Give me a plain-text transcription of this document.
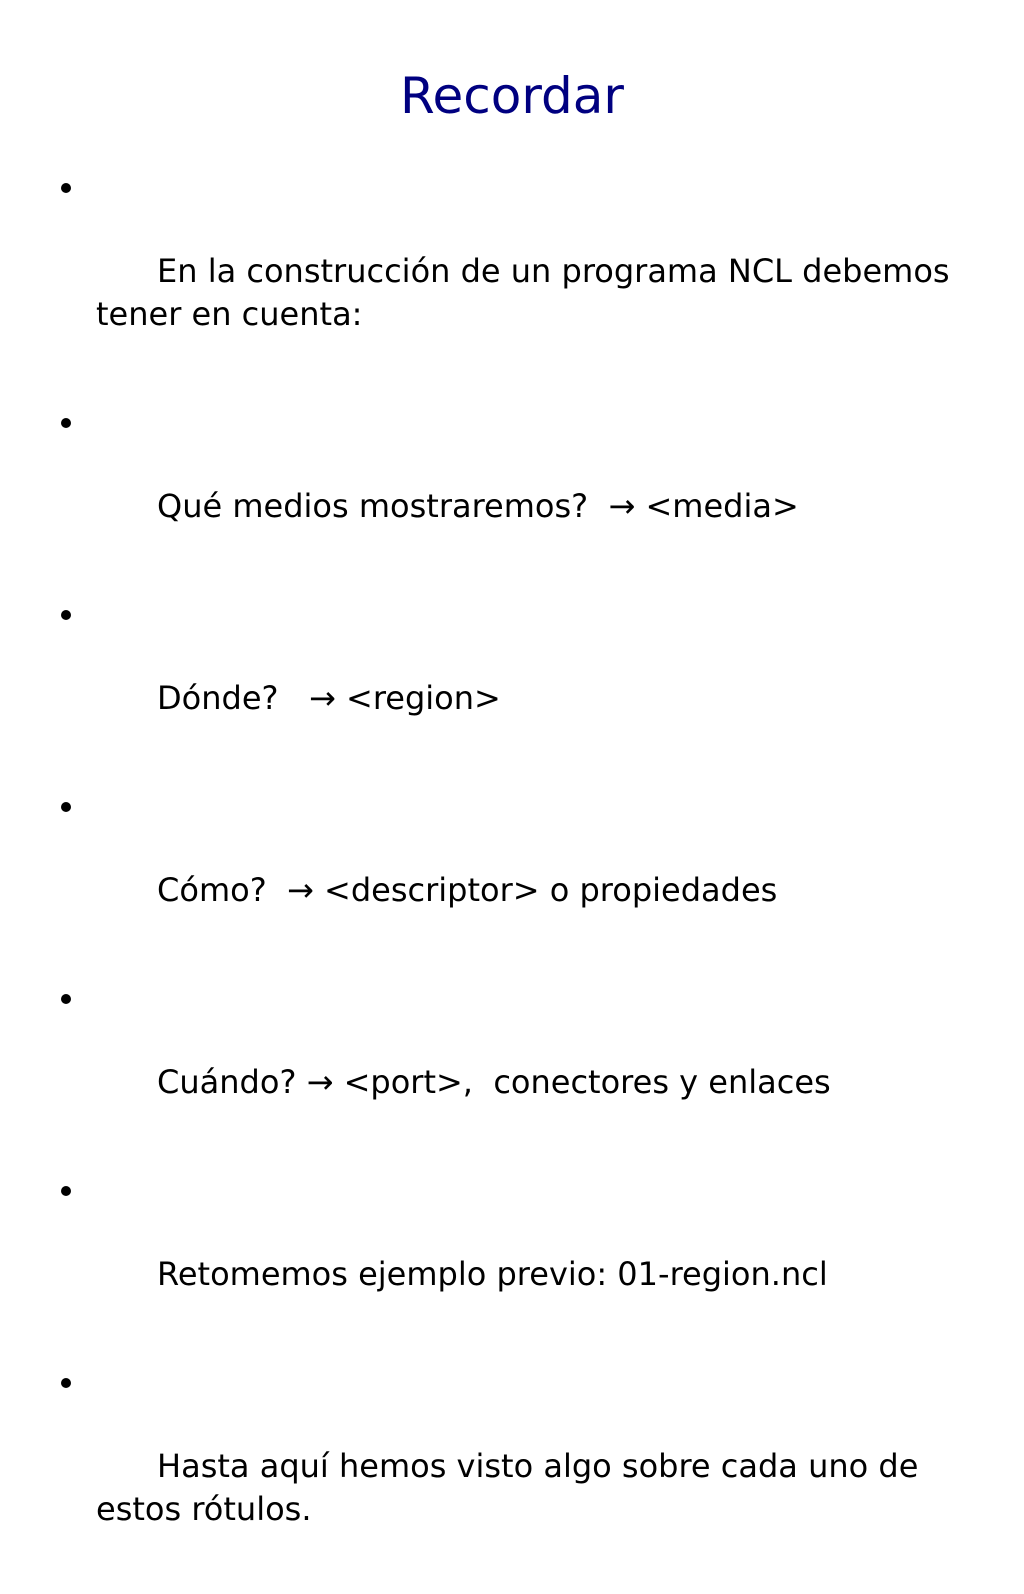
Recordar

En la construcción de un programa NCL debemos tener en cuenta:

Qué medios mostraremos?  → <media>

Dónde?   → <region>

Cómo?  → <descriptor> o propiedades

Cuándo? → <port>,  conectores y enlaces

Retomemos ejemplo previo: 01-region.ncl

Hasta aquí hemos visto algo sobre cada uno de estos rótulos.
